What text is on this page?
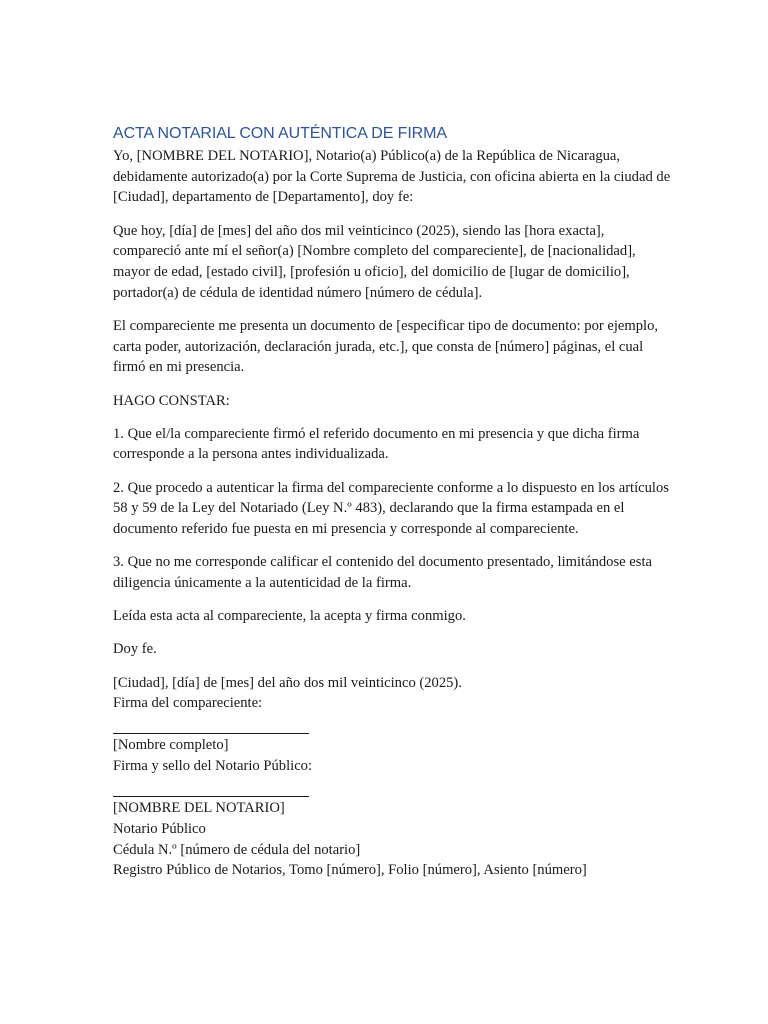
ACTA NOTARIAL CON AUTÉNTICA DE FIRMA

Yo, [NOMBRE DEL NOTARIO], Notario(a) Público(a) de la República de Nicaragua, debidamente autorizado(a) por la Corte Suprema de Justicia, con oficina abierta en la ciudad de [Ciudad], departamento de [Departamento], doy fe:

Que hoy, [día] de [mes] del año dos mil veinticinco (2025), siendo las [hora exacta], compareció ante mí el señor(a) [Nombre completo del compareciente], de [nacionalidad], mayor de edad, [estado civil], [profesión u oficio], del domicilio de [lugar de domicilio], portador(a) de cédula de identidad número [número de cédula].

El compareciente me presenta un documento de [especificar tipo de documento: por ejemplo, carta poder, autorización, declaración jurada, etc.], que consta de [número] páginas, el cual firmó en mi presencia.

HAGO CONSTAR:

1. Que el/la compareciente firmó el referido documento en mi presencia y que dicha firma corresponde a la persona antes individualizada.

2. Que procedo a autenticar la firma del compareciente conforme a lo dispuesto en los artículos 58 y 59 de la Ley del Notariado (Ley N.º 483), declarando que la firma estampada en el documento referido fue puesta en mi presencia y corresponde al compareciente.

3. Que no me corresponde calificar el contenido del documento presentado, limitándose esta diligencia únicamente a la autenticidad de la firma.

Leída esta acta al compareciente, la acepta y firma conmigo.

Doy fe.

[Ciudad], [día] de [mes] del año dos mil veinticinco (2025).
Firma del compareciente:
[Nombre completo]
Firma y sello del Notario Público:
[NOMBRE DEL NOTARIO]
Notario Público
Cédula N.º [número de cédula del notario]
Registro Público de Notarios, Tomo [número], Folio [número], Asiento [número]
